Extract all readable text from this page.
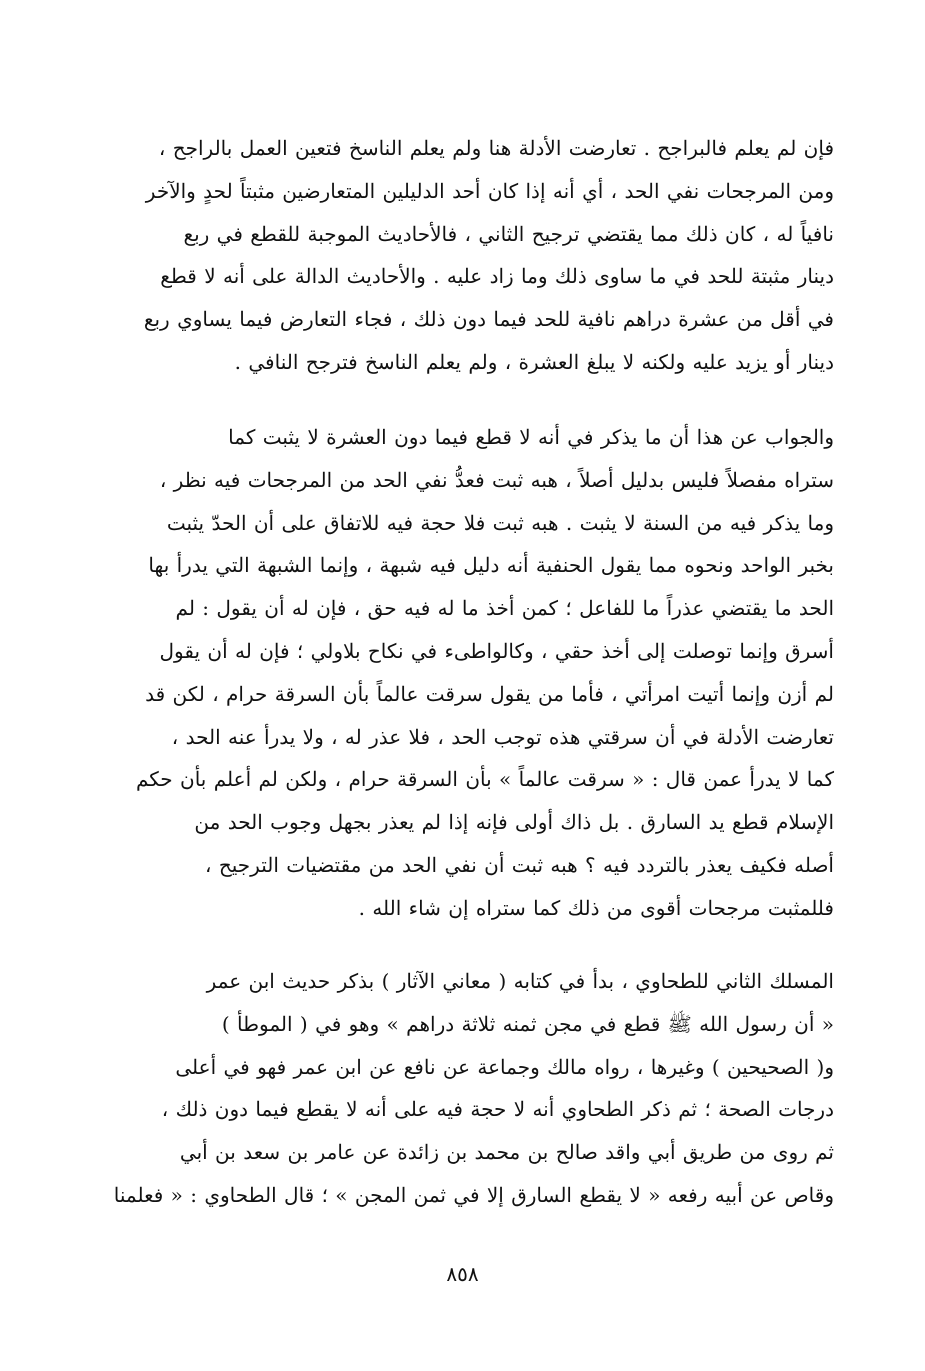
فإن لم يعلم فالبراجح . تعارضت الأدلة هنا ولم يعلم الناسخ فتعين العمل بالراجح ،
ومن المرجحات نفي الحد ، أي أنه إذا كان أحد الدليلين المتعارضين مثبتاً لحدٍ والآخر
نافياً له ، كان ذلك مما يقتضي ترجيح الثاني ، فالأحاديث الموجبة للقطع في ربع
دينار مثبتة للحد في ما ساوى ذلك وما زاد عليه . والأحاديث الدالة على أنه لا قطع
في أقل من عشرة دراهم نافية للحد فيما دون ذلك ، فجاء التعارض فيما يساوي ربع
دينار أو يزيد عليه ولكنه لا يبلغ العشرة ، ولم يعلم الناسخ فترجح النافي .
والجواب عن هذا أن ما يذكر في أنه لا قطع فيما دون العشرة لا يثبت كما
ستراه مفصلاً فليس بدليل أصلاً ، هبه ثبت فعدُّ نفي الحد من المرجحات فيه نظر ،
وما يذكر فيه من السنة لا يثبت . هبه ثبت فلا حجة فيه للاتفاق على أن الحدّ يثبت
بخبر الواحد ونحوه مما يقول الحنفية أنه دليل فيه شبهة ، وإنما الشبهة التي يدرأ بها
الحد ما يقتضي عذراً ما للفاعل ؛ كمن أخذ ما له فيه حق ، فإن له أن يقول : لم
أسرق وإنما توصلت إلى أخذ حقي ، وكالواطىء في نكاح بلاولي ؛ فإن له أن يقول
لم أزن وإنما أتيت امرأتي ، فأما من يقول سرقت عالماً بأن السرقة حرام ، لكن قد
تعارضت الأدلة في أن سرقتي هذه توجب الحد ، فلا عذر له ، ولا يدرأ عنه الحد ،
كما لا يدرأ عمن قال : « سرقت عالماً » بأن السرقة حرام ، ولكن لم أعلم بأن حكم
الإسلام قطع يد السارق . بل ذاك أولى فإنه إذا لم يعذر بجهل وجوب الحد من
أصله فكيف يعذر بالتردد فيه ؟ هبه ثبت أن نفي الحد من مقتضيات الترجيح ،
فللمثبت مرجحات أقوى من ذلك كما ستراه إن شاء الله .
المسلك الثاني للطحاوي ، بدأ في كتابه ( معاني الآثار ) بذكر حديث ابن عمر
« أن رسول الله ﷺ قطع في مجن ثمنه ثلاثة دراهم » وهو في ( الموطأ )
و( الصحيحين ) وغيرها ، رواه مالك وجماعة عن نافع عن ابن عمر فهو في أعلى
درجات الصحة ؛ ثم ذكر الطحاوي أنه لا حجة فيه على أنه لا يقطع فيما دون ذلك ،
ثم روى من طريق أبي واقد صالح بن محمد بن زائدة عن عامر بن سعد بن أبي
وقاص عن أبيه رفعه « لا يقطع السارق إلا في ثمن المجن » ؛ قال الطحاوي : « فعلمنا
٨٥٨
